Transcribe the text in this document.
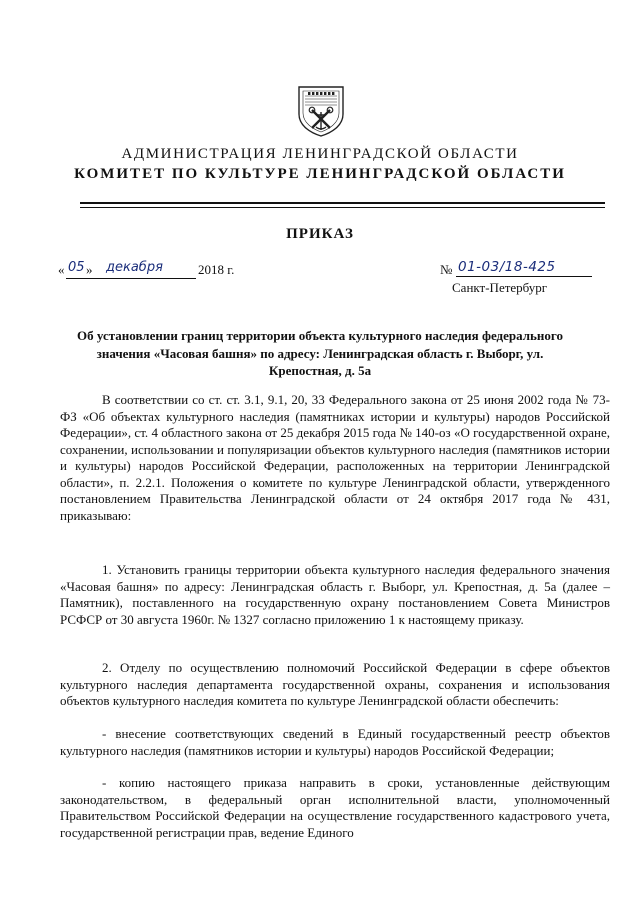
АДМИНИСТРАЦИЯ ЛЕНИНГРАДСКОЙ ОБЛАСТИ
КОМИТЕТ ПО КУЛЬТУРЕ ЛЕНИНГРАДСКОЙ ОБЛАСТИ
ПРИКАЗ
« 05 » декабря	2018 г.	№ 01-03/18-425
Санкт-Петербург
Об установлении границ территории объекта культурного наследия федерального значения «Часовая башня» по адресу: Ленинградская область г. Выборг, ул. Крепостная, д. 5а
В соответствии со ст. ст. 3.1, 9.1, 20, 33 Федерального закона от 25 июня 2002 года № 73-ФЗ «Об объектах культурного наследия (памятниках истории и культуры) народов Российской Федерации», ст. 4 областного закона от 25 декабря 2015 года № 140-оз «О государственной охране, сохранении, использовании и популяризации объектов культурного наследия (памятников истории и культуры) народов Российской Федерации, расположенных на территории Ленинградской области», п. 2.2.1. Положения о комитете по культуре Ленинградской области, утвержденного постановлением Правительства Ленинградской области от 24 октября 2017 года № 431, приказываю:
1. Установить границы территории объекта культурного наследия федерального значения «Часовая башня» по адресу: Ленинградская область г. Выборг, ул. Крепостная, д. 5а (далее – Памятник), поставленного на государственную охрану постановлением Совета Министров РСФСР от 30 августа 1960г. № 1327 согласно приложению 1 к настоящему приказу.
2. Отделу по осуществлению полномочий Российской Федерации в сфере объектов культурного наследия департамента государственной охраны, сохранения и использования объектов культурного наследия комитета по культуре Ленинградской области обеспечить:
- внесение соответствующих сведений в Единый государственный реестр объектов культурного наследия (памятников истории и культуры) народов Российской Федерации;
- копию настоящего приказа направить в сроки, установленные действующим законодательством, в федеральный орган исполнительной власти, уполномоченный Правительством Российской Федерации на осуществление государственного кадастрового учета, государственной регистрации прав, ведение Единого
